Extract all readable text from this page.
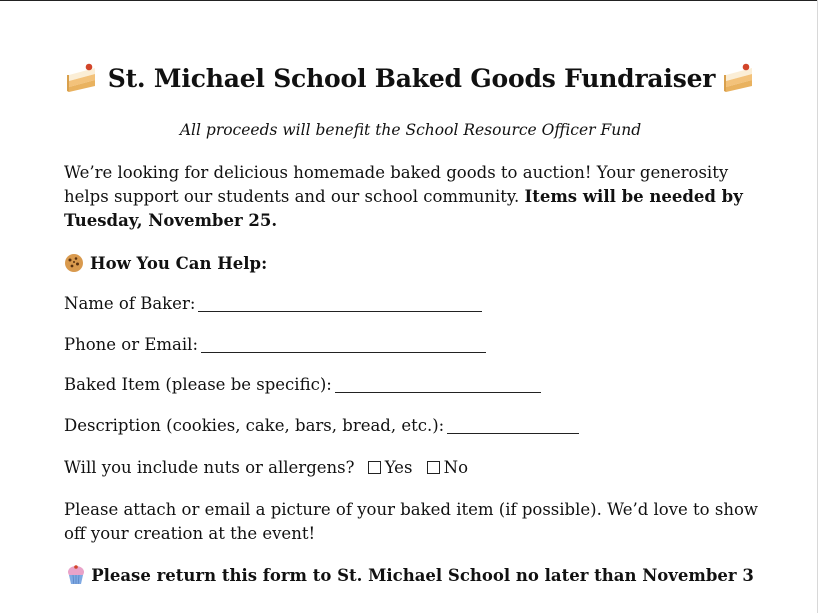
St. Michael School Baked Goods Fundraiser
All proceeds will benefit the School Resource Officer Fund
We’re looking for delicious homemade baked goods to auction! Your generosity helps support our students and our school community. Items will be needed by Tuesday, November 25.
How You Can Help:
Name of Baker:
Phone or Email:
Baked Item (please be specific):
Description (cookies, cake, bars, bread, etc.):
Will you include nuts or allergens? Yes No
Please attach or email a picture of your baked item (if possible). We’d love to show off your creation at the event!
Please return this form to St. Michael School no later than November 3
